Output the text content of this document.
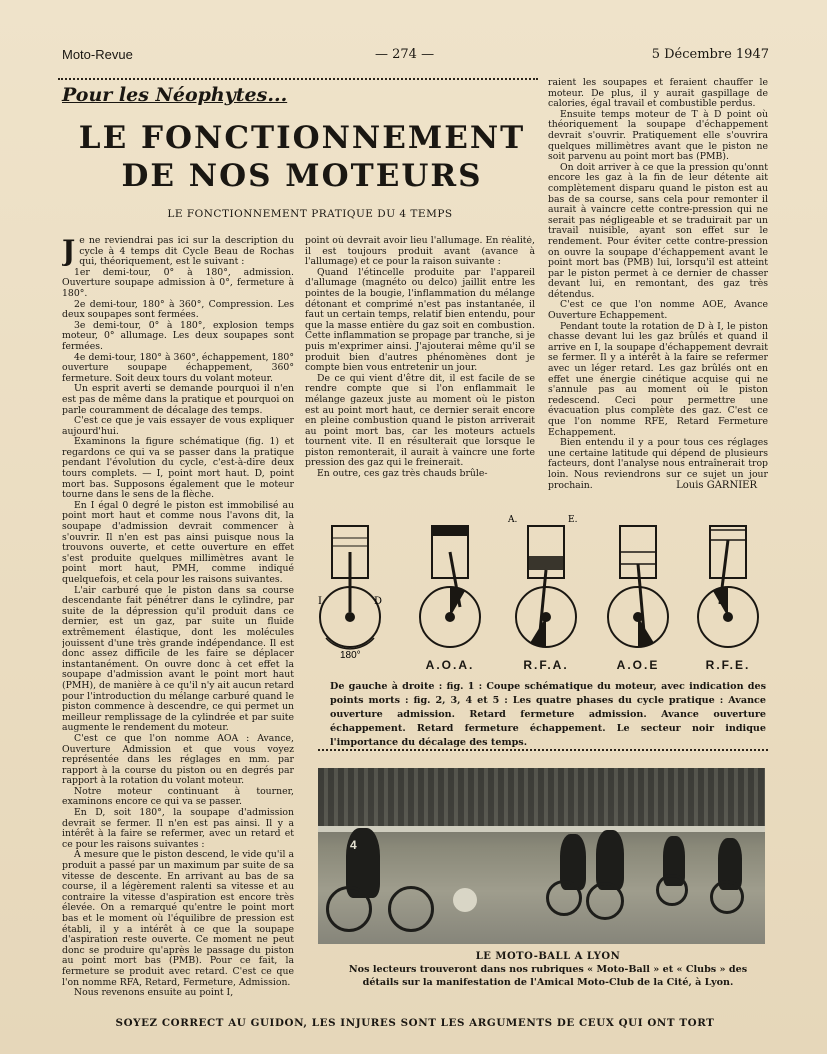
Moto-Revue	— 274 —	5 Décembre 1947
Pour les Néophytes...
LE FONCTIONNEMENT
DE NOS MOTEURS
LE FONCTIONNEMENT PRATIQUE DU 4 TEMPS
J e ne reviendrai pas ici sur la description du cycle à 4 temps dit Cycle Beau de Rochas qui, théoriquement, est le suivant :

1er demi-tour, 0° à 180°, admission. Ouverture soupape admission à 0°, fermeture à 180°.

2e demi-tour, 180° à 360°, Compression. Les deux soupapes sont fermées.

3e demi-tour, 0° à 180°, explosion temps moteur, 0° allumage. Les deux soupapes sont fermées.

4e demi-tour, 180° à 360°, échappement, 180° ouverture soupape échappement, 360° fermeture. Soit deux tours du volant moteur.

Un esprit averti se demande pourquoi il n'en est pas de même dans la pratique et pourquoi on parle couramment de décalage des temps.

C'est ce que je vais essayer de vous expliquer aujourd'hui.

Examinons la figure schématique (fig. 1) et regardons ce qui va se passer dans la pratique pendant l'évolution du cycle, c'est-à-dire deux tours complets. — I, point mort haut. D, point mort bas. Supposons également que le moteur tourne dans le sens de la flèche.

En I égal 0 degré le piston est immobilisé au point mort haut et comme nous l'avons dit, la soupape d'admission devrait commencer à s'ouvrir. Il n'en est pas ainsi puisque nous la trouvons ouverte, et cette ouverture en effet s'est produite quelques millimètres avant le point mort haut, PMH, comme indiqué quelquefois, et cela pour les raisons suivantes.

L'air carburé que le piston dans sa course descendante fait pénétrer dans le cylindre, par suite de la dépression qu'il produit dans ce dernier, est un gaz, par suite un fluide extrêmement élastique, dont les molécules jouissent d'une très grande indépendance. Il est donc assez difficile de les faire se déplacer instantanément. On ouvre donc à cet effet la soupape d'admission avant le point mort haut (PMH), de manière à ce qu'il n'y ait aucun retard pour l'introduction du mélange carburé quand le piston commence à descendre, ce qui permet un meilleur remplissage de la cylindrée et par suite augmente le rendement du moteur.

C'est ce que l'on nomme AOA : Avance, Ouverture Admission et que vous voyez représentée dans les réglages en mm. par rapport à la course du piston ou en degrés par rapport à la rotation du volant moteur.

Notre moteur continuant à tourner, examinons encore ce qui va se passer.

En D, soit 180°, la soupape d'admission devrait se fermer. Il n'en est pas ainsi. Il y a intérêt à la faire se refermer, avec un retard et ce pour les raisons suivantes :

A mesure que le piston descend, le vide qu'il a produit a passé par un maximum par suite de sa vitesse de descente. En arrivant au bas de sa course, il a légèrement ralenti sa vitesse et au contraire la vitesse d'aspiration est encore très élevée. On a remarqué qu'entre le point mort bas et le moment où l'équilibre de pression est établi, il y a intérêt à ce que la soupape d'aspiration reste ouverte. Ce moment ne peut donc se produire qu'après le passage du piston au point mort bas (PMB). Pour ce fait, la fermeture se produit avec retard. C'est ce que l'on nomme RFA, Retard, Fermeture, Admission.

Nous revenons ensuite au point I,

point où devrait avoir lieu l'allumage. En réalité, il est toujours produit avant (avance à l'allumage) et ce pour la raison suivante :

Quand l'étincelle produite par l'appareil d'allumage (magnéto ou delco) jaillit entre les pointes de la bougie, l'inflammation du mélange détonant et comprimé n'est pas instantanée, il faut un certain temps, relatif bien entendu, pour que la masse entière du gaz soit en combustion. Cette inflammation se propage par tranche, si je puis m'exprimer ainsi. J'ajouterai même qu'il se produit bien d'autres phénomènes dont je compte bien vous entretenir un jour.

De ce qui vient d'être dit, il est facile de se rendre compte que si l'on enflammait le mélange gazeux juste au moment où le piston est au point mort haut, ce dernier serait encore en pleine combustion quand le piston arriverait au point mort bas, car les moteurs actuels tournent vite. Il en résulterait que lorsque le piston remonterait, il aurait à vaincre une forte pression des gaz qui le freinerait.

En outre, ces gaz très chauds brûle-

raient les soupapes et feraient chauffer le moteur. De plus, il y aurait gaspillage de calories, égal travail et combustible perdus.

Ensuite temps moteur de T à D point où théoriquement la soupape d'échappement devrait s'ouvrir. Pratiquement elle s'ouvrira quelques millimètres avant que le piston ne soit parvenu au point mort bas (PMB).

On doit arriver à ce que la pression qu'onnt encore les gaz à la fin de leur détente ait complètement disparu quand le piston est au bas de sa course, sans cela pour remonter il aurait à vaincre cette contre-pression qui ne serait pas négligeable et se traduirait par un travail nuisible, ayant son effet sur le rendement. Pour éviter cette contre-pression on ouvre la soupape d'échappement avant le point mort bas (PMB) lui, lorsqu'il est atteint par le piston permet à ce dernier de chasser devant lui, en remontant, des gaz très détendus.

C'est ce que l'on nomme AOE, Avance Ouverture Echappement.

Pendant toute la rotation de D à I, le piston chasse devant lui les gaz brûlés et quand il arrive en I, la soupape d'échappement devrait se fermer. Il y a intérêt à la faire se refermer avec un léger retard. Les gaz brûlés ont en effet une énergie cinétique acquise qui ne s'annule pas au moment où le piston redescend. Ceci pour permettre une évacuation plus complète des gaz. C'est ce que l'on nomme RFE, Retard Fermeture Echappement.

Bien entendu il y a pour tous ces réglages une certaine latitude qui dépend de plusieurs facteurs, dont l'analyse nous entraînerait trop loin. Nous reviendrons sur ce sujet un jour prochain.	Louis GARNIER
180°
I	D
A.O.A.
A.	E.
R.F.A.	A.O.E	R.F.E.
De gauche à droite : fig. 1 : Coupe schématique du moteur, avec indication des points morts : fig. 2, 3, 4 et 5 : Les quatre phases du cycle pratique : Avance ouverture admission. Retard fermeture admission. Avance ouverture échappement. Retard fermeture échappement. Le secteur noir indique l'importance du décalage des temps.
4
LE MOTO-BALL A LYON
Nos lecteurs trouveront dans nos rubriques « Moto-Ball » et « Clubs » des détails sur la manifestation de l'Amical Moto-Club de la Cité, à Lyon.
SOYEZ CORRECT AU GUIDON, LES INJURES SONT LES ARGUMENTS DE CEUX QUI ONT TORT
